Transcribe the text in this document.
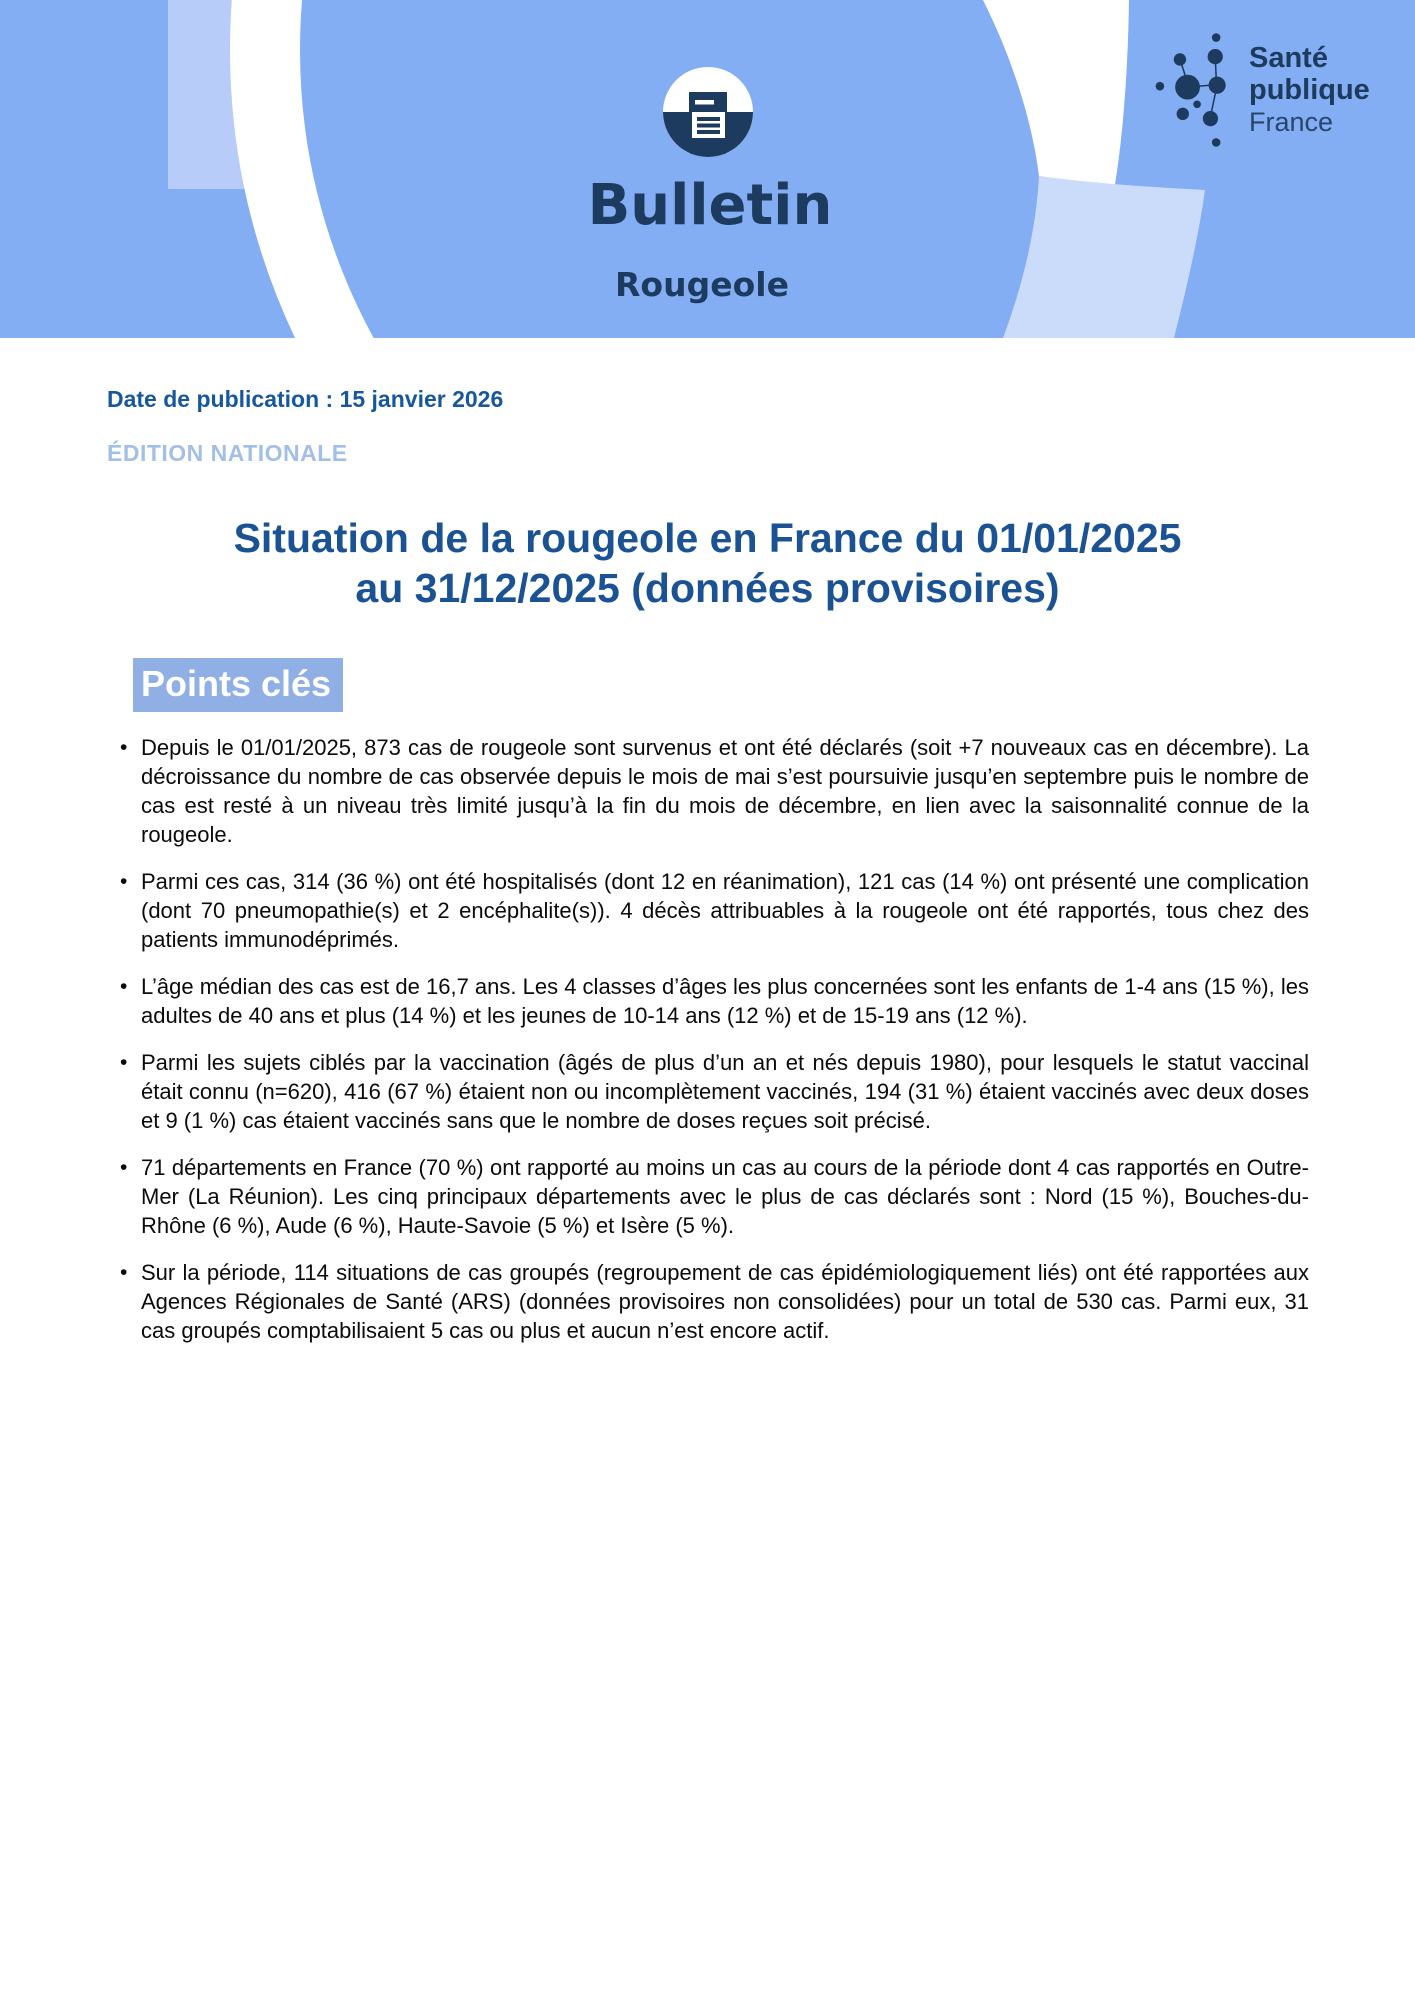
Bulletin
Rougeole
Santé
publique
France
Date de publication : 15 janvier 2026
ÉDITION NATIONALE
Situation de la rougeole en France du 01/01/2025
au 31/12/2025 (données provisoires)
Points clés
• Depuis le 01/01/2025, 873 cas de rougeole sont survenus et ont été déclarés (soit +7 nouveaux cas en décembre). La décroissance du nombre de cas observée depuis le mois de mai s’est poursuivie jusqu’en septembre puis le nombre de cas est resté à un niveau très limité jusqu’à la fin du mois de décembre, en lien avec la saisonnalité connue de la rougeole.
• Parmi ces cas, 314 (36 %) ont été hospitalisés (dont 12 en réanimation), 121 cas (14 %) ont présenté une complication (dont 70 pneumopathie(s) et 2 encéphalite(s)). 4 décès attribuables à la rougeole ont été rapportés, tous chez des patients immunodéprimés.
• L’âge médian des cas est de 16,7 ans. Les 4 classes d’âges les plus concernées sont les enfants de 1-4 ans (15 %), les adultes de 40 ans et plus (14 %) et les jeunes de 10-14 ans (12 %) et de 15-19 ans (12 %).
• Parmi les sujets ciblés par la vaccination (âgés de plus d’un an et nés depuis 1980), pour lesquels le statut vaccinal était connu (n=620), 416 (67 %) étaient non ou incomplètement vaccinés, 194 (31 %) étaient vaccinés avec deux doses et 9 (1 %) cas étaient vaccinés sans que le nombre de doses reçues soit précisé.
• 71 départements en France (70 %) ont rapporté au moins un cas au cours de la période dont 4 cas rapportés en Outre-Mer (La Réunion). Les cinq principaux départements avec le plus de cas déclarés sont : Nord (15 %), Bouches-du-Rhône (6 %), Aude (6 %), Haute-Savoie (5 %) et Isère (5 %).
• Sur la période, 114 situations de cas groupés (regroupement de cas épidémiologiquement liés) ont été rapportées aux Agences Régionales de Santé (ARS) (données provisoires non consolidées) pour un total de 530 cas. Parmi eux, 31 cas groupés comptabilisaient 5 cas ou plus et aucun n’est encore actif.
